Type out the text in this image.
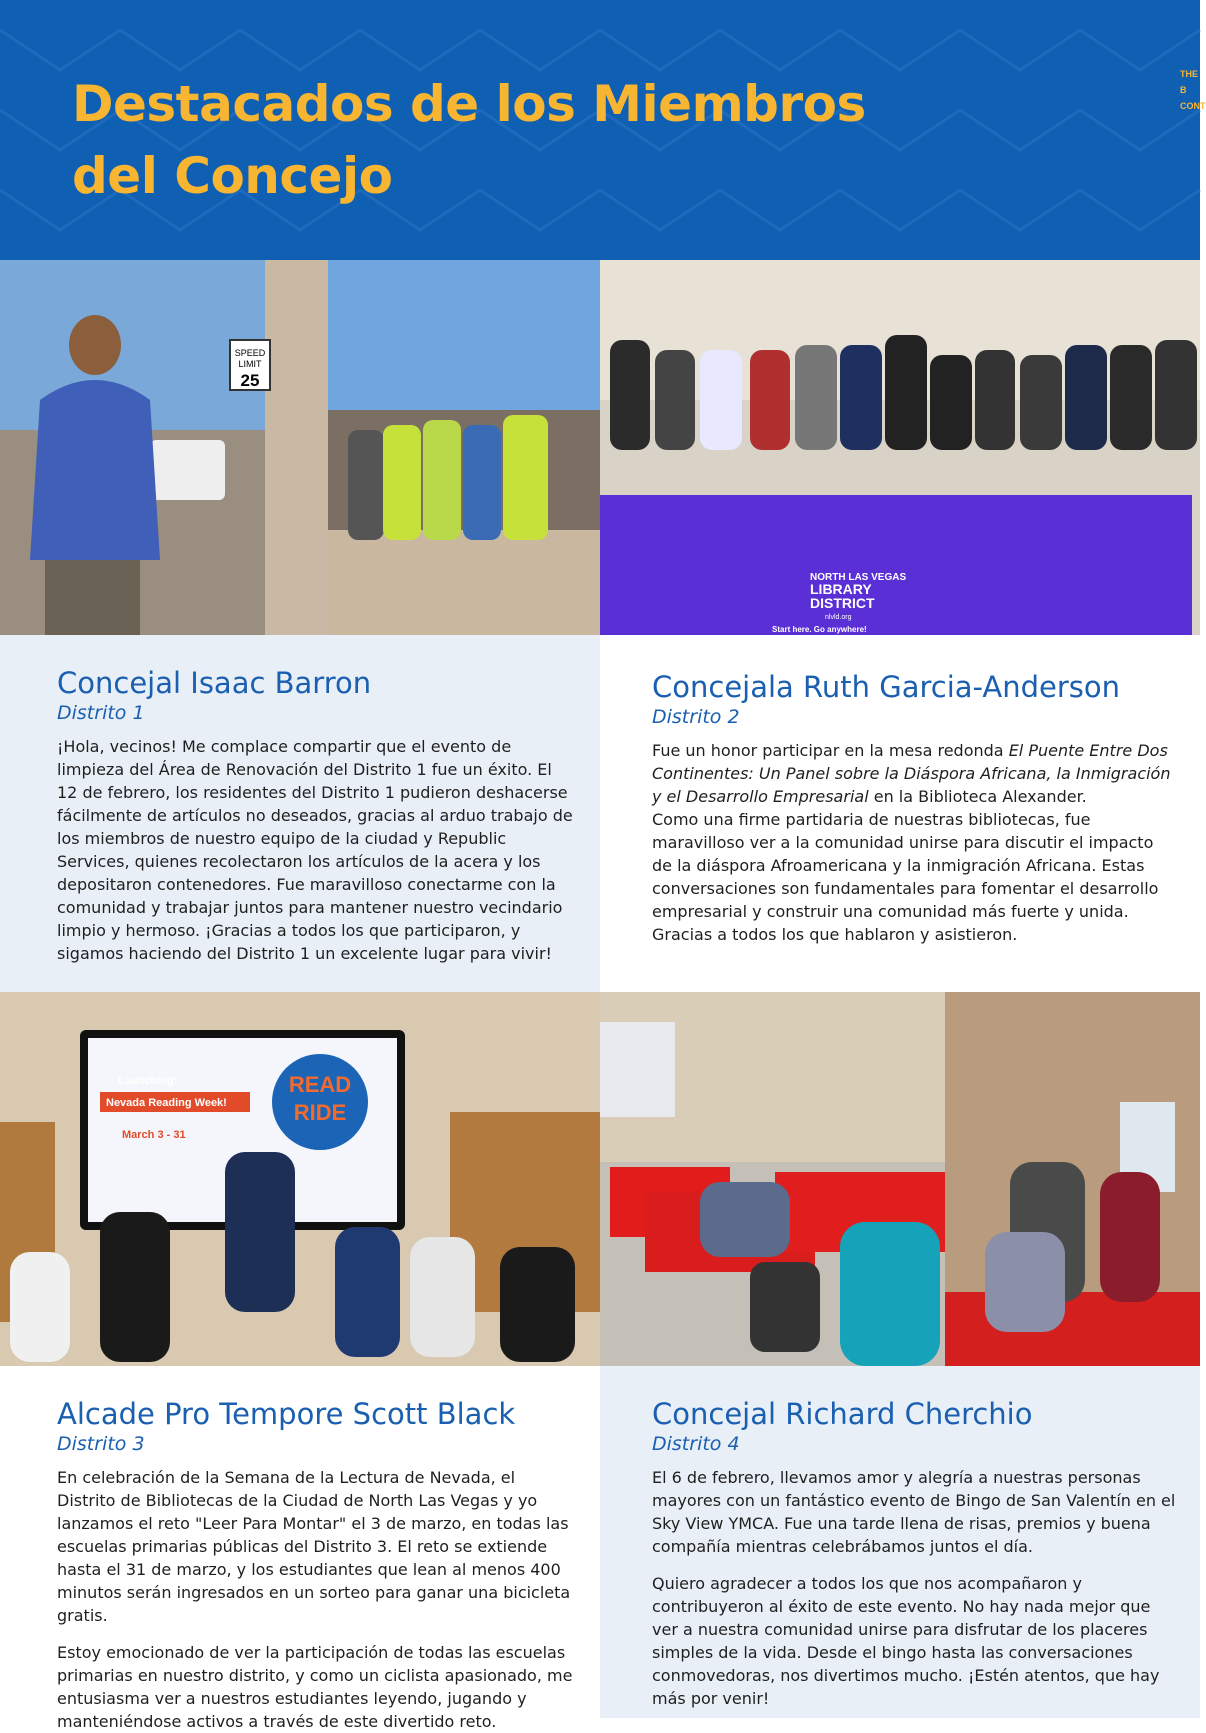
Destacados de los Miembros
del Concejo
THE B CONT
SPEED
LIMIT
25
NORTH LAS VEGAS
LIBRARY
DISTRICT
nlvld.org
Start here. Go anywhere!
Concejal Isaac Barron
Distrito 1

¡Hola, vecinos! Me complace compartir que el evento de limpieza del Área de Renovación del Distrito 1 fue un éxito. El 12 de febrero, los residentes del Distrito 1 pudieron deshacerse fácilmente de artículos no deseados, gracias al arduo trabajo de los miembros de nuestro equipo de la ciudad y Republic Services, quienes recolectaron los artículos de la acera y los depositaron contenedores. Fue maravilloso conectarme con la comunidad y trabajar juntos para mantener nuestro vecindario limpio y hermoso. ¡Gracias a todos los que participaron, y sigamos haciendo del Distrito 1 un excelente lugar para vivir!

Concejala Ruth Garcia-Anderson
Distrito 2

Fue un honor participar en la mesa redonda El Puente Entre Dos Continentes: Un Panel sobre la Diáspora Africana, la Inmigración y el Desarrollo Empresarial en la Biblioteca Alexander.
Como una firme partidaria de nuestras bibliotecas, fue maravilloso ver a la comunidad unirse para discutir el impacto de la diáspora Afroamericana y la inmigración Africana. Estas conversaciones son fundamentales para fomentar el desarrollo empresarial y construir una comunidad más fuerte y unida. Gracias a todos los que hablaron y asistieron.

Launching:
Nevada Reading Week!
March 3 - 31
READ
RIDE
Alcade Pro Tempore Scott Black
Distrito 3

En celebración de la Semana de la Lectura de Nevada, el Distrito de Bibliotecas de la Ciudad de North Las Vegas y yo lanzamos el reto "Leer Para Montar" el 3 de marzo, en todas las escuelas primarias públicas del Distrito 3. El reto se extiende hasta el 31 de marzo, y los estudiantes que lean al menos 400 minutos serán ingresados en un sorteo para ganar una bicicleta gratis.

Estoy emocionado de ver la participación de todas las escuelas primarias en nuestro distrito, y como un ciclista apasionado, me entusiasma ver a nuestros estudiantes leyendo, jugando y manteniéndose activos a través de este divertido reto.

Concejal Richard Cherchio
Distrito 4

El 6 de febrero, llevamos amor y alegría a nuestras personas mayores con un fantástico evento de Bingo de San Valentín en el Sky View YMCA. Fue una tarde llena de risas, premios y buena compañía mientras celebrábamos juntos el día.

Quiero agradecer a todos los que nos acompañaron y contribuyeron al éxito de este evento. No hay nada mejor que ver a nuestra comunidad unirse para disfrutar de los placeres simples de la vida. Desde el bingo hasta las conversaciones conmovedoras, nos divertimos mucho. ¡Estén atentos, que hay más por venir!
